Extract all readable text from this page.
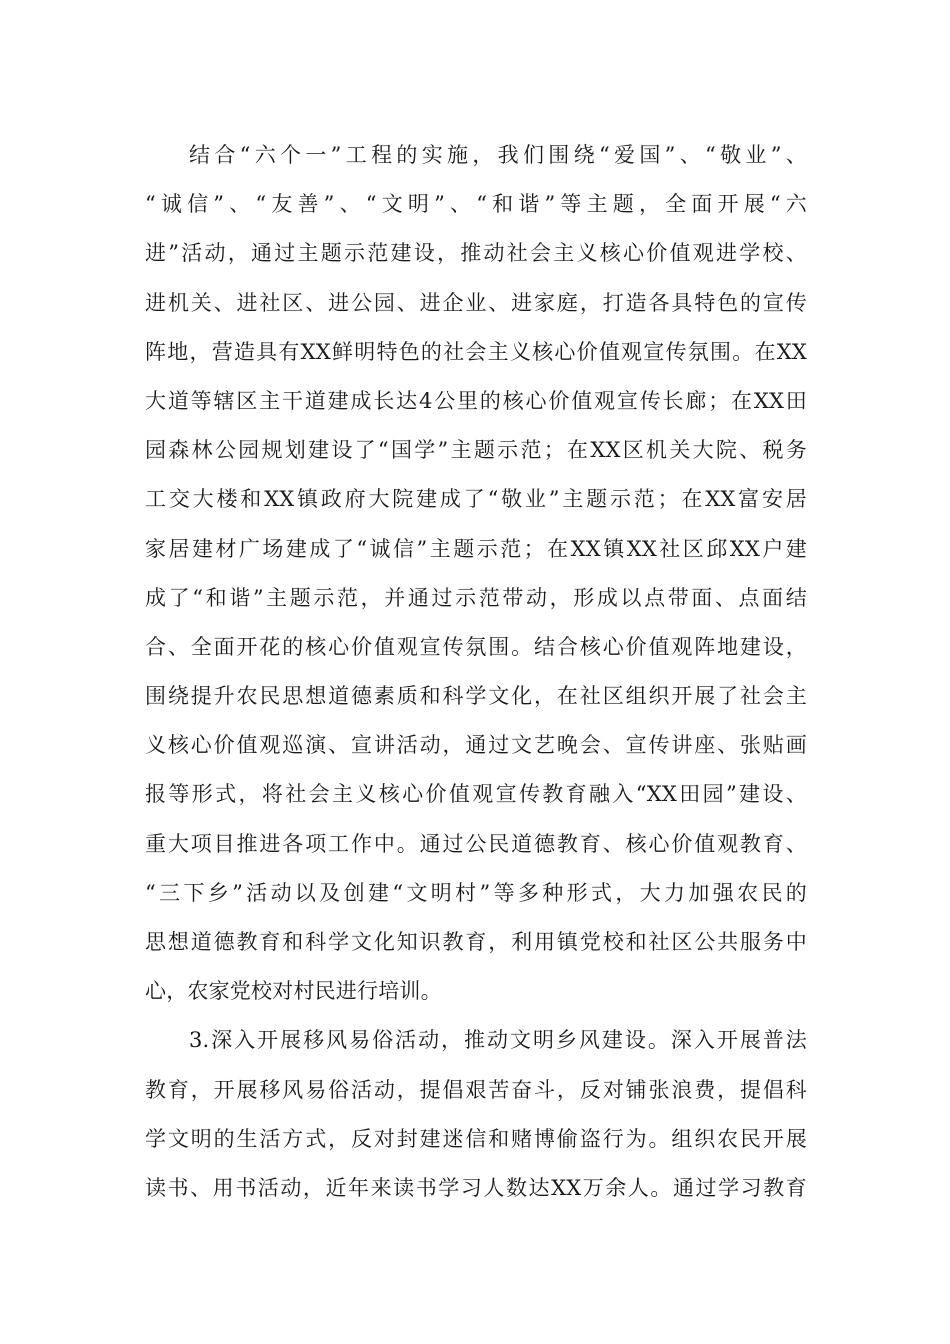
结合“六个一”工程的实施，我们围绕“爱国”、“敬业”、
“诚信”、“友善”、“文明”、“和谐”等主题，全面开展“六
进”活动，通过主题示范建设，推动社会主义核心价值观进学校、
进机关、进社区、进公园、进企业、进家庭，打造各具特色的宣传
阵地，营造具有XX鲜明特色的社会主义核心价值观宣传氛围。在XX
大道等辖区主干道建成长达4公里的核心价值观宣传长廊；在XX田
园森林公园规划建设了“国学”主题示范；在XX区机关大院、税务
工交大楼和XX镇政府大院建成了“敬业”主题示范；在XX富安居
家居建材广场建成了“诚信”主题示范；在XX镇XX社区邱XX户建
成了“和谐”主题示范，并通过示范带动，形成以点带面、点面结
合、全面开花的核心价值观宣传氛围。结合核心价值观阵地建设，
围绕提升农民思想道德素质和科学文化，在社区组织开展了社会主
义核心价值观巡演、宣讲活动，通过文艺晚会、宣传讲座、张贴画
报等形式，将社会主义核心价值观宣传教育融入“XX田园”建设、
重大项目推进各项工作中。通过公民道德教育、核心价值观教育、
“三下乡”活动以及创建“文明村”等多种形式，大力加强农民的
思想道德教育和科学文化知识教育，利用镇党校和社区公共服务中
心，农家党校对村民进行培训。
3.深入开展移风易俗活动，推动文明乡风建设。深入开展普法
教育，开展移风易俗活动，提倡艰苦奋斗，反对铺张浪费，提倡科
学文明的生活方式，反对封建迷信和赌博偷盗行为。组织农民开展
读书、用书活动，近年来读书学习人数达XX万余人。通过学习教育
